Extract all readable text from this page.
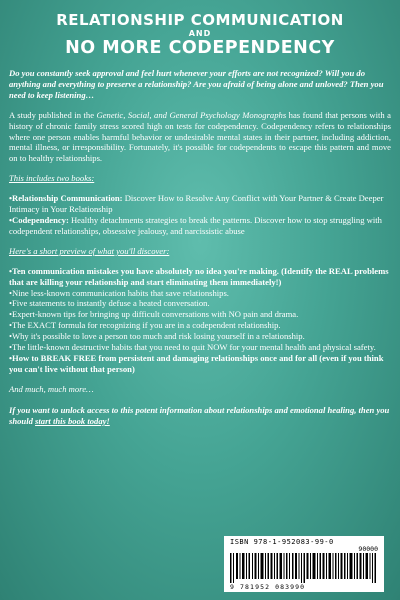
RELATIONSHIP COMMUNICATION
AND
NO MORE CODEPENDENCY

Do you constantly seek approval and feel hurt whenever your efforts are not recognized? Will you do anything and everything to preserve a relationship? Are you afraid of being alone and unloved? Then you need to keep listening…

A study published in the Genetic, Social, and General Psychology Monographs has found that persons with a history of chronic family stress scored high on tests for codependency. Codependency refers to relationships where one person enables harmful behavior or undesirable mental states in their partner, including addiction, mental illness, or irresponsibility. Fortunately, it's possible for codependents to escape this pattern and move on to healthy relationships.

This includes two books:

•Relationship Communication: Discover How to Resolve Any Conflict with Your Partner & Create Deeper Intimacy in Your Relationship

•Codependency: Healthy detachments strategies to break the patterns. Discover how to stop struggling with codependent relationships, obsessive jealousy, and narcissistic abuse

Here's a short preview of what you'll discover:

•Ten communication mistakes you have absolutely no idea you're making. (Identify the REAL problems that are killing your relationship and start eliminating them immediately!)

•Nine less-known communication habits that save relationships.

•Five statements to instantly defuse a heated conversation.

•Expert-known tips for bringing up difficult conversations with NO pain and drama.

•The EXACT formula for recognizing if you are in a codependent relationship.

•Why it's possible to love a person too much and risk losing yourself in a relationship.

•The little-known destructive habits that you need to quit NOW for your mental health and physical safety.

•How to BREAK FREE from persistent and damaging relationships once and for all (even if you think you can't live without that person)

And much, much more…

If you want to unlock access to this potent information about relationships and emotional healing, then you should start this book today!

ISBN 978-1-952083-99-0
90000
9 781952 083990
